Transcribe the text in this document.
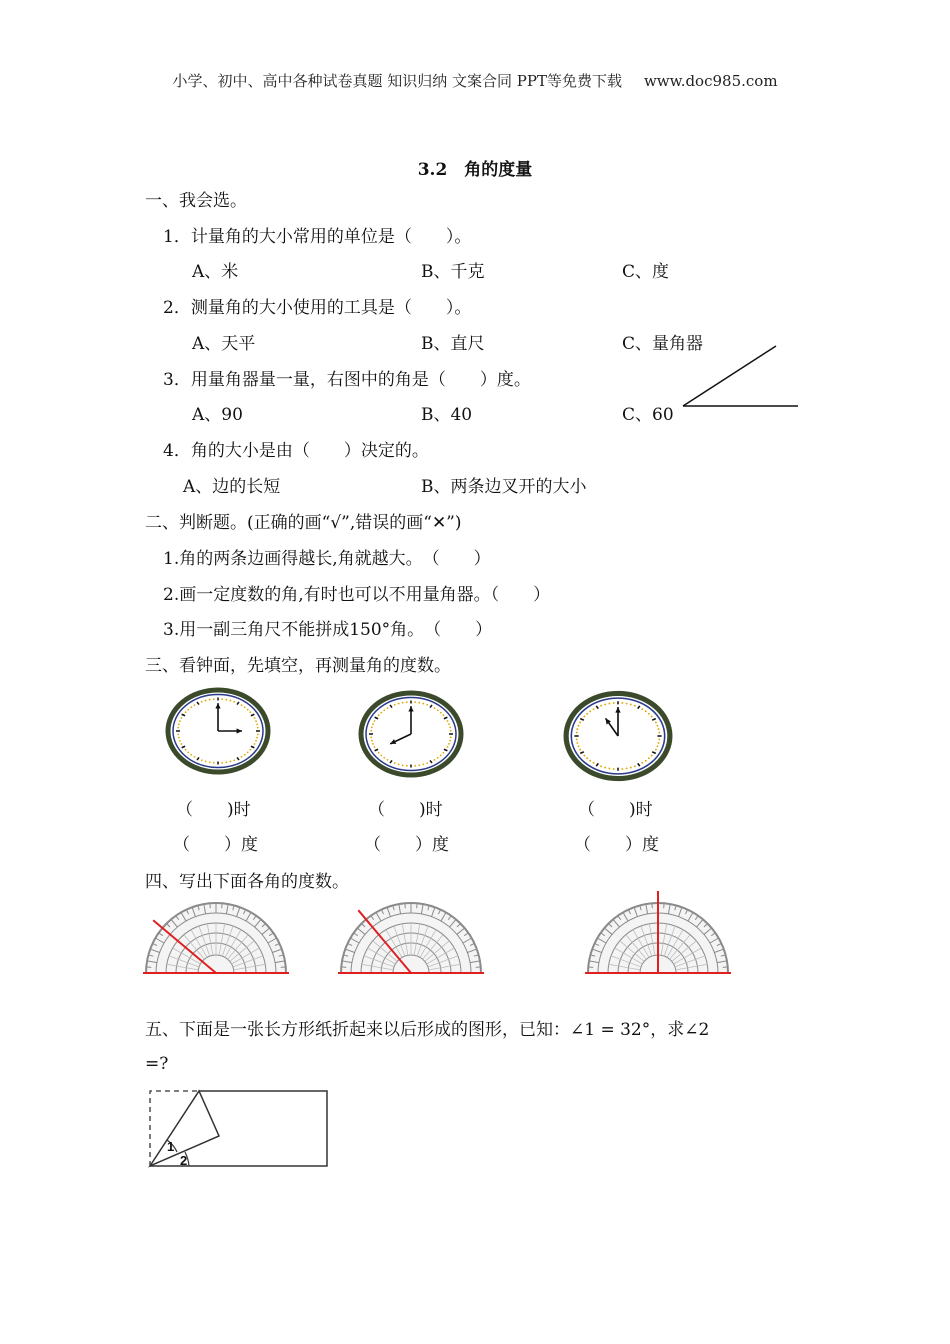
小学、初中、高中各种试卷真题 知识归纳 文案合同 PPT等免费下载 www.doc985.com
3.2　角的度量
一、我会选。
1．计量角的大小常用的单位是（　　）。
A、米	B、千克	C、度
2．测量角的大小使用的工具是（　　）。
A、天平	B、直尺	C、量角器
3．用量角器量一量，右图中的角是（　　）度。
A、90	B、40	C、60
4．角的大小是由（　　）决定的。
A、边的长短	B、两条边叉开的大小
二、判断题。(正确的画“√”,错误的画“✕”)
1.角的两条边画得越长,角就越大。　（　　）
2.画一定度数的角,有时也可以不用量角器。（　　）
3.用一副三角尺不能拼成150°角。　（　　）
三、看钟面，先填空，再测量角的度数。
（　　)时	（　　)时	（　　)时
（　　）度	（　　）度	（　　）度
四、写出下面各角的度数。
五、下面是一张长方形纸折起来以后形成的图形，已知：∠1 = 32°，求∠2
=?
1
2
